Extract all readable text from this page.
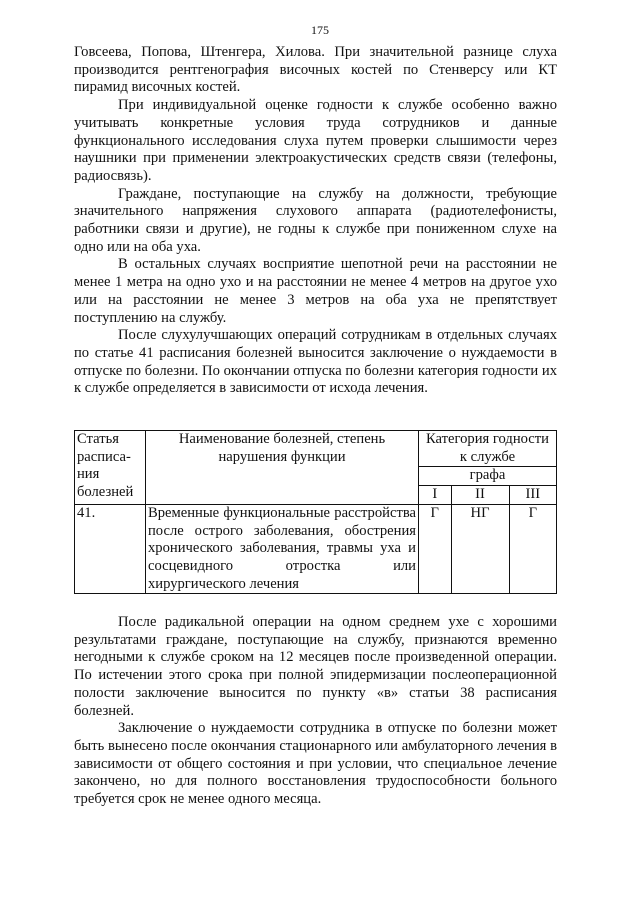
175

Говсеева, Попова, Штенгера, Хилова. При значительной разнице слуха производится рентгенография височных костей по Стенверсу или КТ пирамид височных костей.

При индивидуальной оценке годности к службе особенно важно учитывать конкретные условия труда сотрудников и данные функционального исследования слуха путем проверки слышимости через наушники при применении электроакустических средств связи (телефоны, радиосвязь).

Граждане, поступающие на службу на должности, требующие значительного напряжения слухового аппарата (радиотелефонисты, работники связи и другие), не годны к службе при пониженном слухе на одно или на оба уха.

В остальных случаях восприятие шепотной речи на расстоянии не менее 1 метра на одно ухо и на расстоянии не менее 4 метров на другое ухо или на расстоянии не менее 3 метров на оба уха не препятствует поступлению на службу.

После слухулучшающих операций сотрудникам в отдельных случаях по статье 41 расписания болезней выносится заключение о нуждаемости в отпуске по болезни. По окончании отпуска по болезни категория годности их к службе определяется в зависимости от исхода лечения.

Статья расписа-ния болезней	Наименование болезней, степень нарушения функции	Категория годности к службе		
		графа		
		I	II	III
41.	Временные функциональные расстройства после острого заболевания, обострения хронического заболевания, травмы уха и сосцевидного отростка или хирургического лечения	Г	НГ	Г

После радикальной операции на одном среднем ухе с хорошими результатами граждане, поступающие на службу, признаются временно негодными к службе сроком на 12 месяцев после произведенной операции. По истечении этого срока при полной эпидермизации послеоперационной полости заключение выносится по пункту «в» статьи 38 расписания болезней.

Заключение о нуждаемости сотрудника в отпуске по болезни может быть вынесено после окончания стационарного или амбулаторного лечения в зависимости от общего состояния и при условии, что специальное лечение закончено, но для полного восстановления трудоспособности больного требуется срок не менее одного месяца.
